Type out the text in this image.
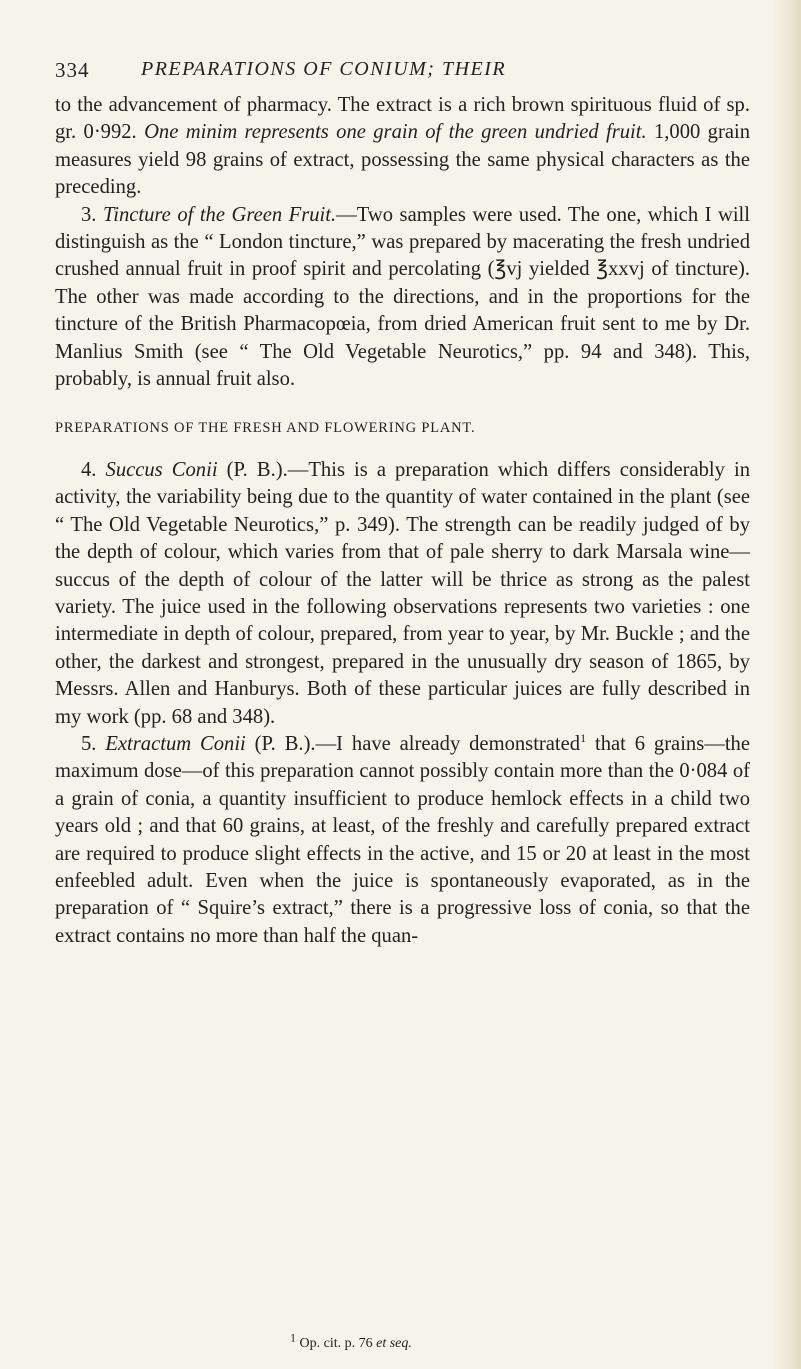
334	PREPARATIONS OF CONIUM; THEIR

to the advancement of pharmacy. The extract is a rich brown spirituous fluid of sp. gr. 0·992. One minim represents one grain of the green undried fruit. 1,000 grain measures yield 98 grains of extract, possessing the same physical characters as the preceding.

3. Tincture of the Green Fruit.—Two samples were used. The one, which I will distinguish as the “ London tincture,” was prepared by macerating the fresh undried crushed annual fruit in proof spirit and percolating (℥vj yielded ℥xxvj of tincture). The other was made according to the directions, and in the proportions for the tincture of the British Pharmacopœia, from dried American fruit sent to me by Dr. Manlius Smith (see “ The Old Vegetable Neurotics,” pp. 94 and 348). This, probably, is annual fruit also.

PREPARATIONS OF THE FRESH AND FLOWERING PLANT.

4. Succus Conii (P. B.).—This is a preparation which differs considerably in activity, the variability being due to the quantity of water contained in the plant (see “ The Old Vegetable Neurotics,” p. 349). The strength can be readily judged of by the depth of colour, which varies from that of pale sherry to dark Marsala wine—succus of the depth of colour of the latter will be thrice as strong as the palest variety. The juice used in the following observations represents two varieties : one intermediate in depth of colour, prepared, from year to year, by Mr. Buckle ; and the other, the darkest and strongest, prepared in the unusually dry season of 1865, by Messrs. Allen and Hanburys. Both of these particular juices are fully described in my work (pp. 68 and 348).

5. Extractum Conii (P. B.).—I have already demonstrated$^1$ that 6 grains—the maximum dose—of this preparation cannot possibly contain more than the 0·084 of a grain of conia, a quantity insufficient to produce hemlock effects in a child two years old ; and that 60 grains, at least, of the freshly and carefully prepared extract are required to produce slight effects in the active, and 15 or 20 at least in the most enfeebled adult. Even when the juice is spontaneously evaporated, as in the preparation of “ Squire’s extract,” there is a progressive loss of conia, so that the extract contains no more than half the quan-

$^1$ Op. cit. p. 76 et seq.
